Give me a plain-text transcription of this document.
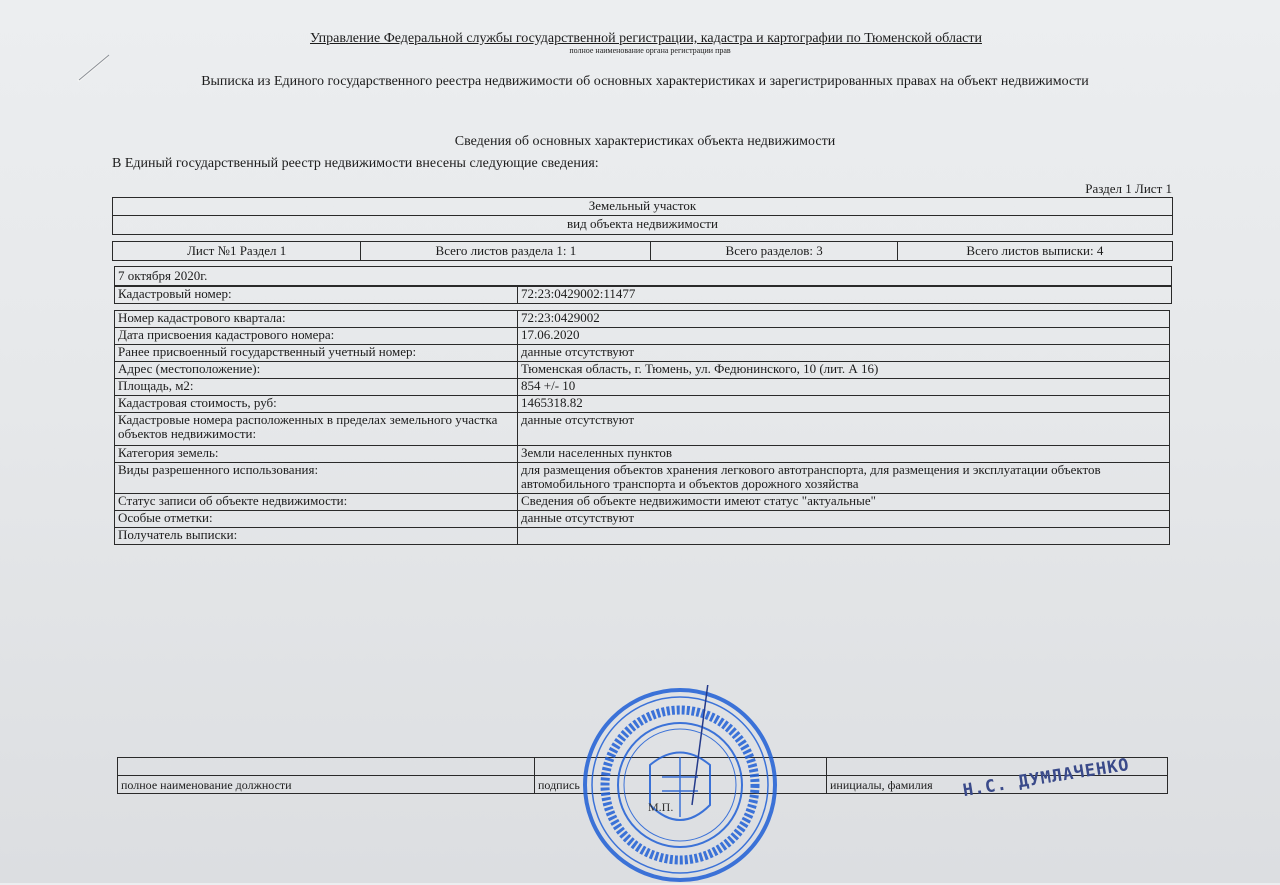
Управление Федеральной службы государственной регистрации, кадастра и картографии по Тюменской области
полное наименование органа регистрации прав
Выписка из Единого государственного реестра недвижимости об основных характеристиках и зарегистрированных правах на объект недвижимости
Сведения об основных характеристиках объекта недвижимости
В Единый государственный реестр недвижимости внесены следующие сведения:
Раздел 1 Лист 1
Земельный участок
вид объекта недвижимости
Лист №1 Раздел 1	Всего листов раздела 1: 1	Всего разделов: 3	Всего листов выписки: 4
7 октября 2020г.
Кадастровый номер:	72:23:0429002:11477
Номер кадастрового квартала:	72:23:0429002
Дата присвоения кадастрового номера:	17.06.2020
Ранее присвоенный государственный учетный номер:	данные отсутствуют
Адрес (местоположение):	Тюменская область, г. Тюмень, ул. Федюнинского, 10 (лит. А 16)
Площадь, м2:	854 +/- 10
Кадастровая стоимость, руб:	1465318.82
Кадастровые номера расположенных в пределах земельного участка объектов недвижимости:	данные отсутствуют
Категория земель:	Земли населенных пунктов
Виды разрешенного использования:	для размещения объектов хранения легкового автотранспорта, для размещения и эксплуатации объектов автомобильного транспорта и объектов дорожного хозяйства
Статус записи об объекте недвижимости:	Сведения об объекте недвижимости имеют статус "актуальные"
Особые отметки:	данные отсутствуют
Получатель выписки:	

полное наименование должности	подпись	инициалы, фамилия
М.П.
Н.С. ДУМЛАЧЕНКО
